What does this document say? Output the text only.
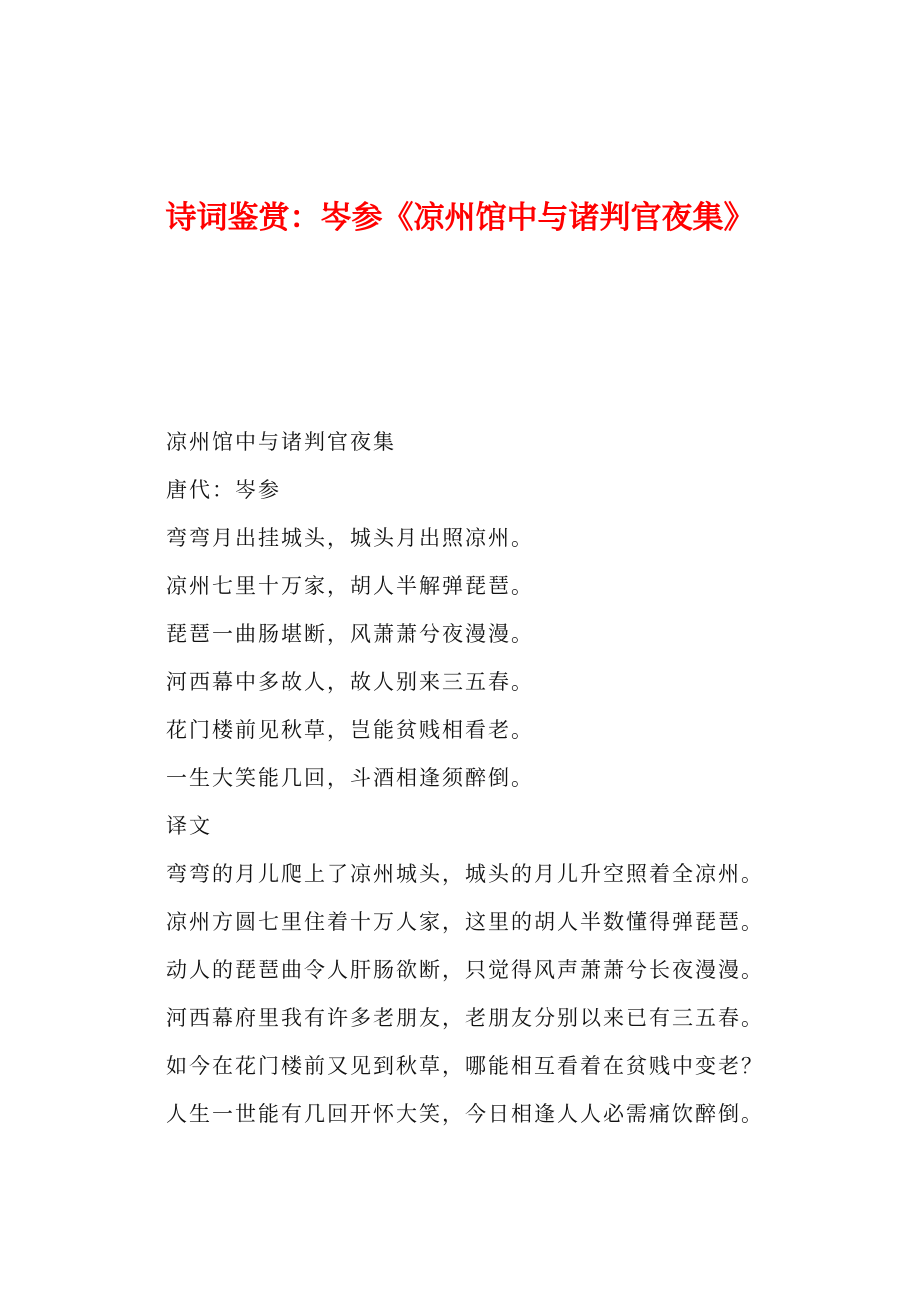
诗词鉴赏：岑参《凉州馆中与诸判官夜集》
凉州馆中与诸判官夜集
唐代：岑参
弯弯月出挂城头，城头月出照凉州。
凉州七里十万家，胡人半解弹琵琶。
琵琶一曲肠堪断，风萧萧兮夜漫漫。
河西幕中多故人，故人别来三五春。
花门楼前见秋草，岂能贫贱相看老。
一生大笑能几回，斗酒相逢须醉倒。
译文
弯弯的月儿爬上了凉州城头，城头的月儿升空照着全凉州。
凉州方圆七里住着十万人家，这里的胡人半数懂得弹琵琶。
动人的琵琶曲令人肝肠欲断，只觉得风声萧萧兮长夜漫漫。
河西幕府里我有许多老朋友，老朋友分别以来已有三五春。
如今在花门楼前又见到秋草，哪能相互看着在贫贱中变老？
人生一世能有几回开怀大笑，今日相逢人人必需痛饮醉倒。
